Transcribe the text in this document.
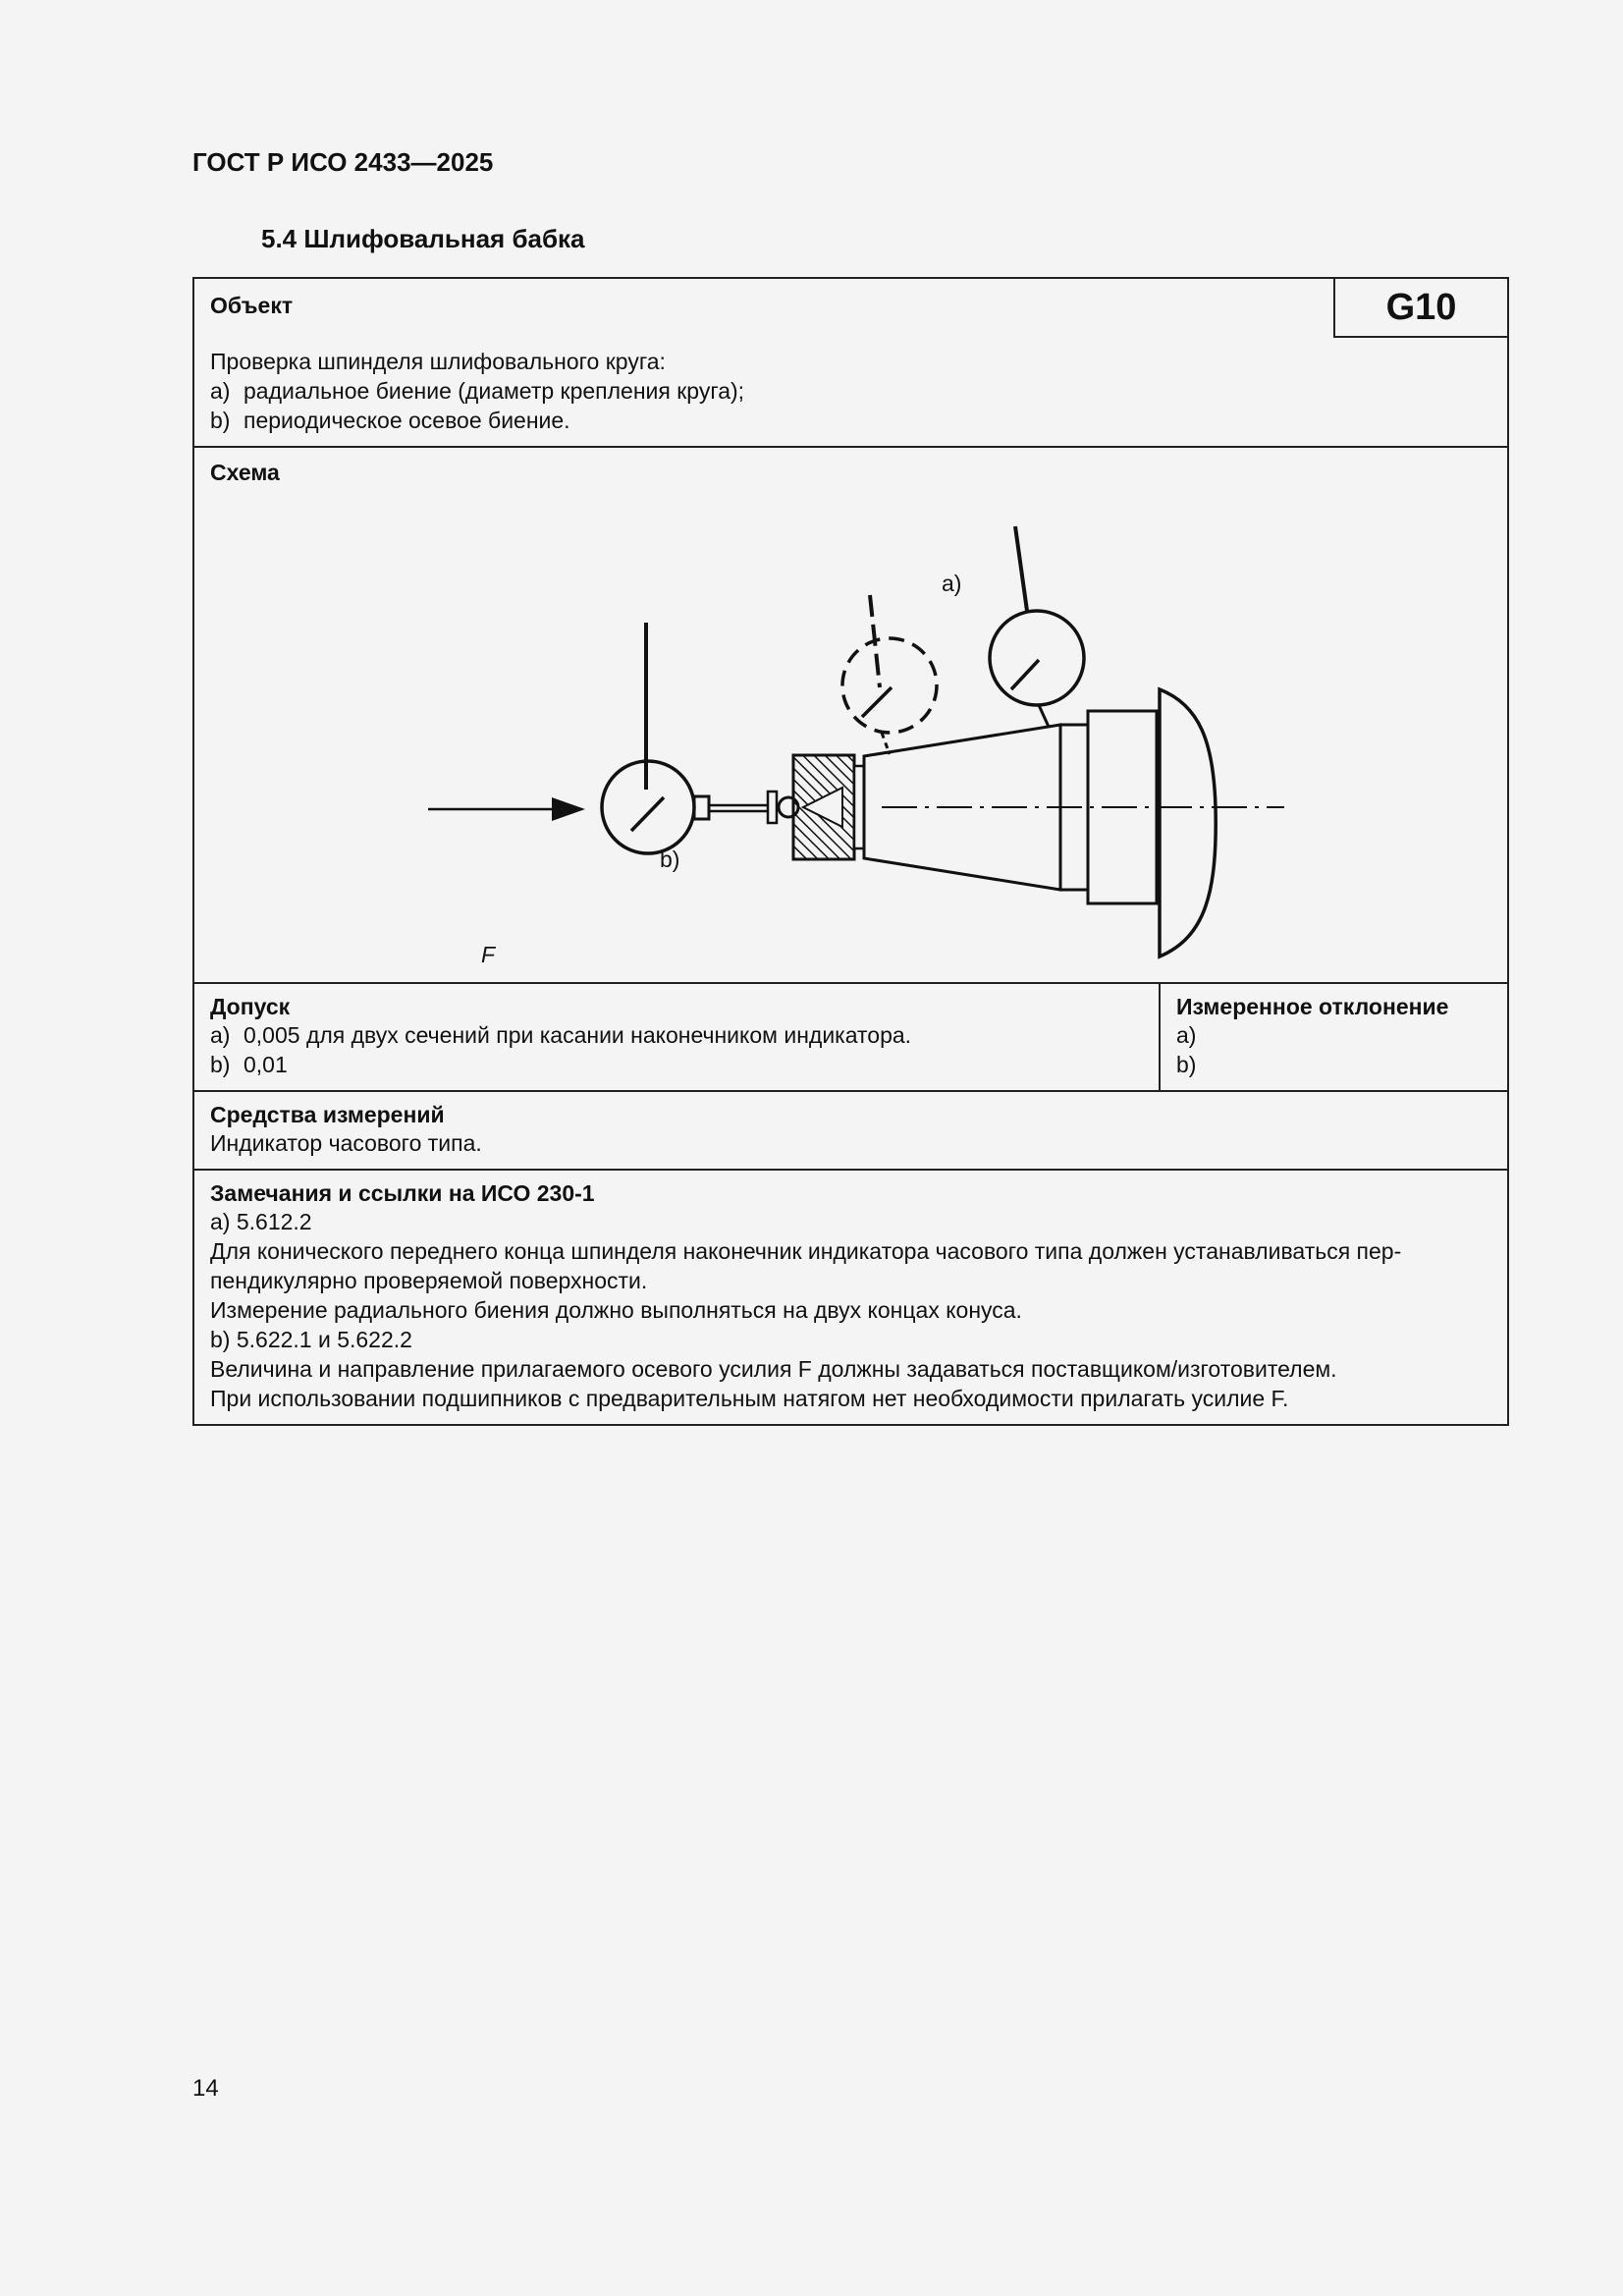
ГОСТ Р ИСО 2433—2025
5.4 Шлифовальная бабка
Объект	G10
Проверка шпинделя шлифовального круга:
a) радиальное биение (диаметр крепления круга);
b) периодическое осевое биение.
Схема
F
b)
a)
Допуск
a) 0,005 для двух сечений при касании наконечником индикатора.
b) 0,01
Измеренное отклонение
a)
b)
Средства измерений
Индикатор часового типа.
Замечания и ссылки на ИСО 230-1
a) 5.612.2
Для конического переднего конца шпинделя наконечник индикатора часового типа должен устанавливаться пер-
пендикулярно проверяемой поверхности.
Измерение радиального биения должно выполняться на двух концах конуса.
b) 5.622.1 и 5.622.2
Величина и направление прилагаемого осевого усилия F должны задаваться поставщиком/изготовителем.
При использовании подшипников с предварительным натягом нет необходимости прилагать усилие F.
14
